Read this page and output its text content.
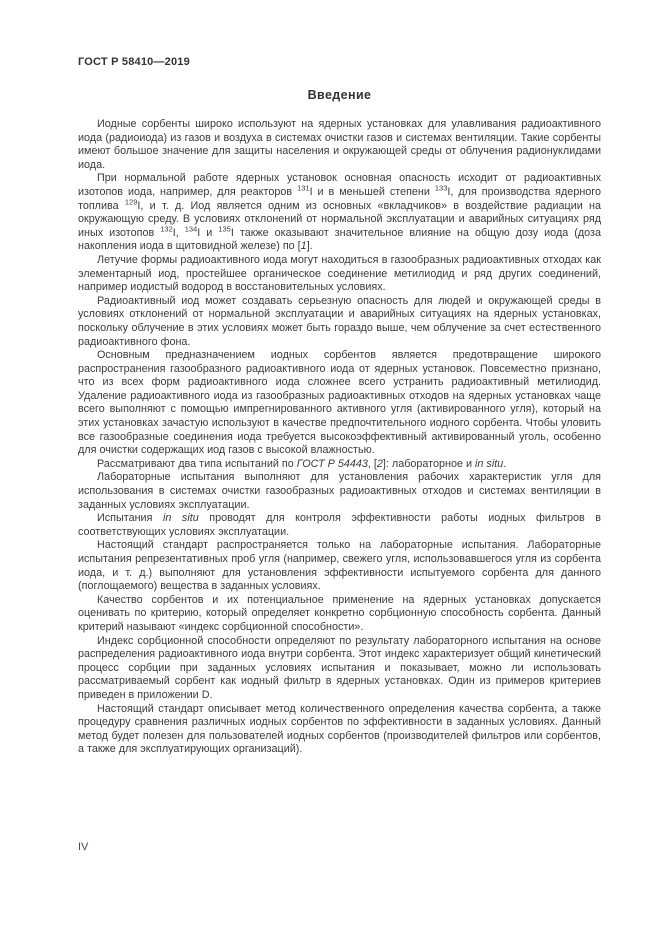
ГОСТ Р 58410—2019
Введение

Иодные сорбенты широко используют на ядерных установках для улавливания радиоактивного иода (радиоиода) из газов и воздуха в системах очистки газов и системах вентиляции. Такие сорбенты имеют большое значение для защиты населения и окружающей среды от облучения радионуклидами иода.

При нормальной работе ядерных установок основная опасность исходит от радиоактивных изотопов иода, например, для реакторов $^{131}$I и в меньшей степени $^{133}$I, для производства ядерного топлива $^{129}$I, и т. д. Иод является одним из основных «вкладчиков» в воздействие радиации на окружающую среду. В условиях отклонений от нормальной эксплуатации и аварийных ситуациях ряд иных изотопов $^{132}$I, $^{134}$I и $^{135}$I также оказывают значительное влияние на общую дозу иода (доза накопления иода в щитовидной железе) по [1].

Летучие формы радиоактивного иода могут находиться в газообразных радиоактивных отходах как элементарный иод, простейшее органическое соединение метилиодид и ряд других соединений, например иодистый водород в восстановительных условиях.

Радиоактивный иод может создавать серьезную опасность для людей и окружающей среды в условиях отклонений от нормальной эксплуатации и аварийных ситуациях на ядерных установках, поскольку облучение в этих условиях может быть гораздо выше, чем облучение за счет естественного радиоактивного фона.

Основным предназначением иодных сорбентов является предотвращение широкого распространения газообразного радиоактивного иода от ядерных установок. Повсеместно признано, что из всех форм радиоактивного иода сложнее всего устранить радиоактивный метилиодид. Удаление радиоактивного иода из газообразных радиоактивных отходов на ядерных установках чаще всего выполняют с помощью импрегнированного активного угля (активированного угля), который на этих установках зачастую используют в качестве предпочтительного иодного сорбента. Чтобы уловить все газообразные соединения иода требуется высокоэффективный активированный уголь, особенно для очистки содержащих иод газов с высокой влажностью.

Рассматривают два типа испытаний по ГОСТ Р 54443, [2]: лабораторное и in situ.

Лабораторные испытания выполняют для установления рабочих характеристик угля для использования в системах очистки газообразных радиоактивных отходов и системах вентиляции в заданных условиях эксплуатации.

Испытания in situ проводят для контроля эффективности работы иодных фильтров в соответствующих условиях эксплуатации.

Настоящий стандарт распространяется только на лабораторные испытания. Лабораторные испытания репрезентативных проб угля (например, свежего угля, использовавшегося угля из сорбента иода, и т. д.) выполняют для установления эффективности испытуемого сорбента для данного (поглощаемого) вещества в заданных условиях.

Качество сорбентов и их потенциальное применение на ядерных установках допускается оценивать по критерию, который определяет конкретно сорбционную способность сорбента. Данный критерий называют «индекс сорбционной способности».

Индекс сорбционной способности определяют по результату лабораторного испытания на основе распределения радиоактивного иода внутри сорбента. Этот индекс характеризует общий кинетический процесс сорбции при заданных условиях испытания и показывает, можно ли использовать рассматриваемый сорбент как иодный фильтр в ядерных установках. Один из примеров критериев приведен в приложении D.

Настоящий стандарт описывает метод количественного определения качества сорбента, а также процедуру сравнения различных иодных сорбентов по эффективности в заданных условиях. Данный метод будет полезен для пользователей иодных сорбентов (производителей фильтров или сорбентов, а также для эксплуатирующих организаций).

IV
